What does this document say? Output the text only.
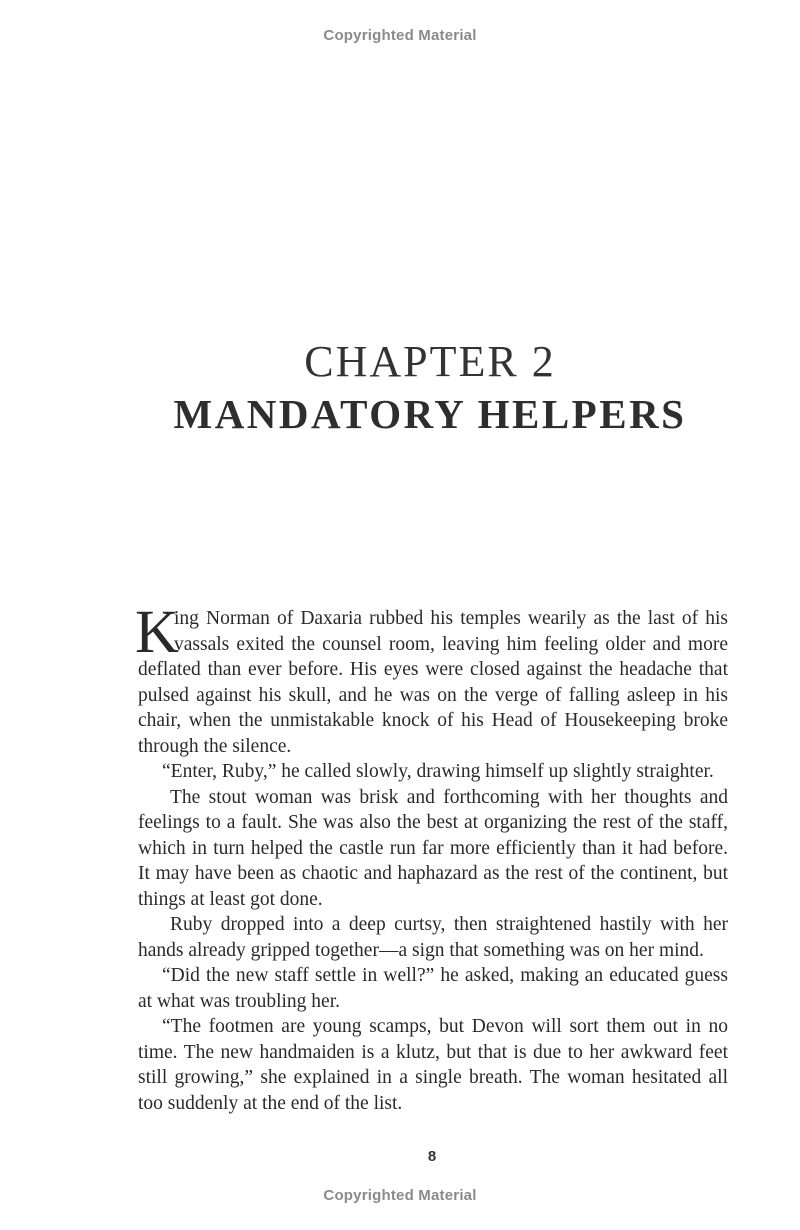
Copyrighted Material
CHAPTER 2
MANDATORY HELPERS
K
ing Norman of Daxaria rubbed his temples wearily as the last of his
vassals exited the counsel room, leaving him feeling older and more
deflated than ever before. His eyes were closed against the headache that
pulsed against his skull, and he was on the verge of falling asleep in his
chair, when the unmistakable knock of his Head of Housekeeping broke
through the silence.
“Enter, Ruby,” he called slowly, drawing himself up slightly straighter.
The stout woman was brisk and forthcoming with her thoughts and
feelings to a fault. She was also the best at organizing the rest of the staff,
which in turn helped the castle run far more efficiently than it had before.
It may have been as chaotic and haphazard as the rest of the continent, but
things at least got done.
Ruby dropped into a deep curtsy, then straightened hastily with her
hands already gripped together—a sign that something was on her mind.
“Did the new staff settle in well?” he asked, making an educated guess
at what was troubling her.
“The footmen are young scamps, but Devon will sort them out in no
time. The new handmaiden is a klutz, but that is due to her awkward feet
still growing,” she explained in a single breath. The woman hesitated all
too suddenly at the end of the list.
8
Copyrighted Material
